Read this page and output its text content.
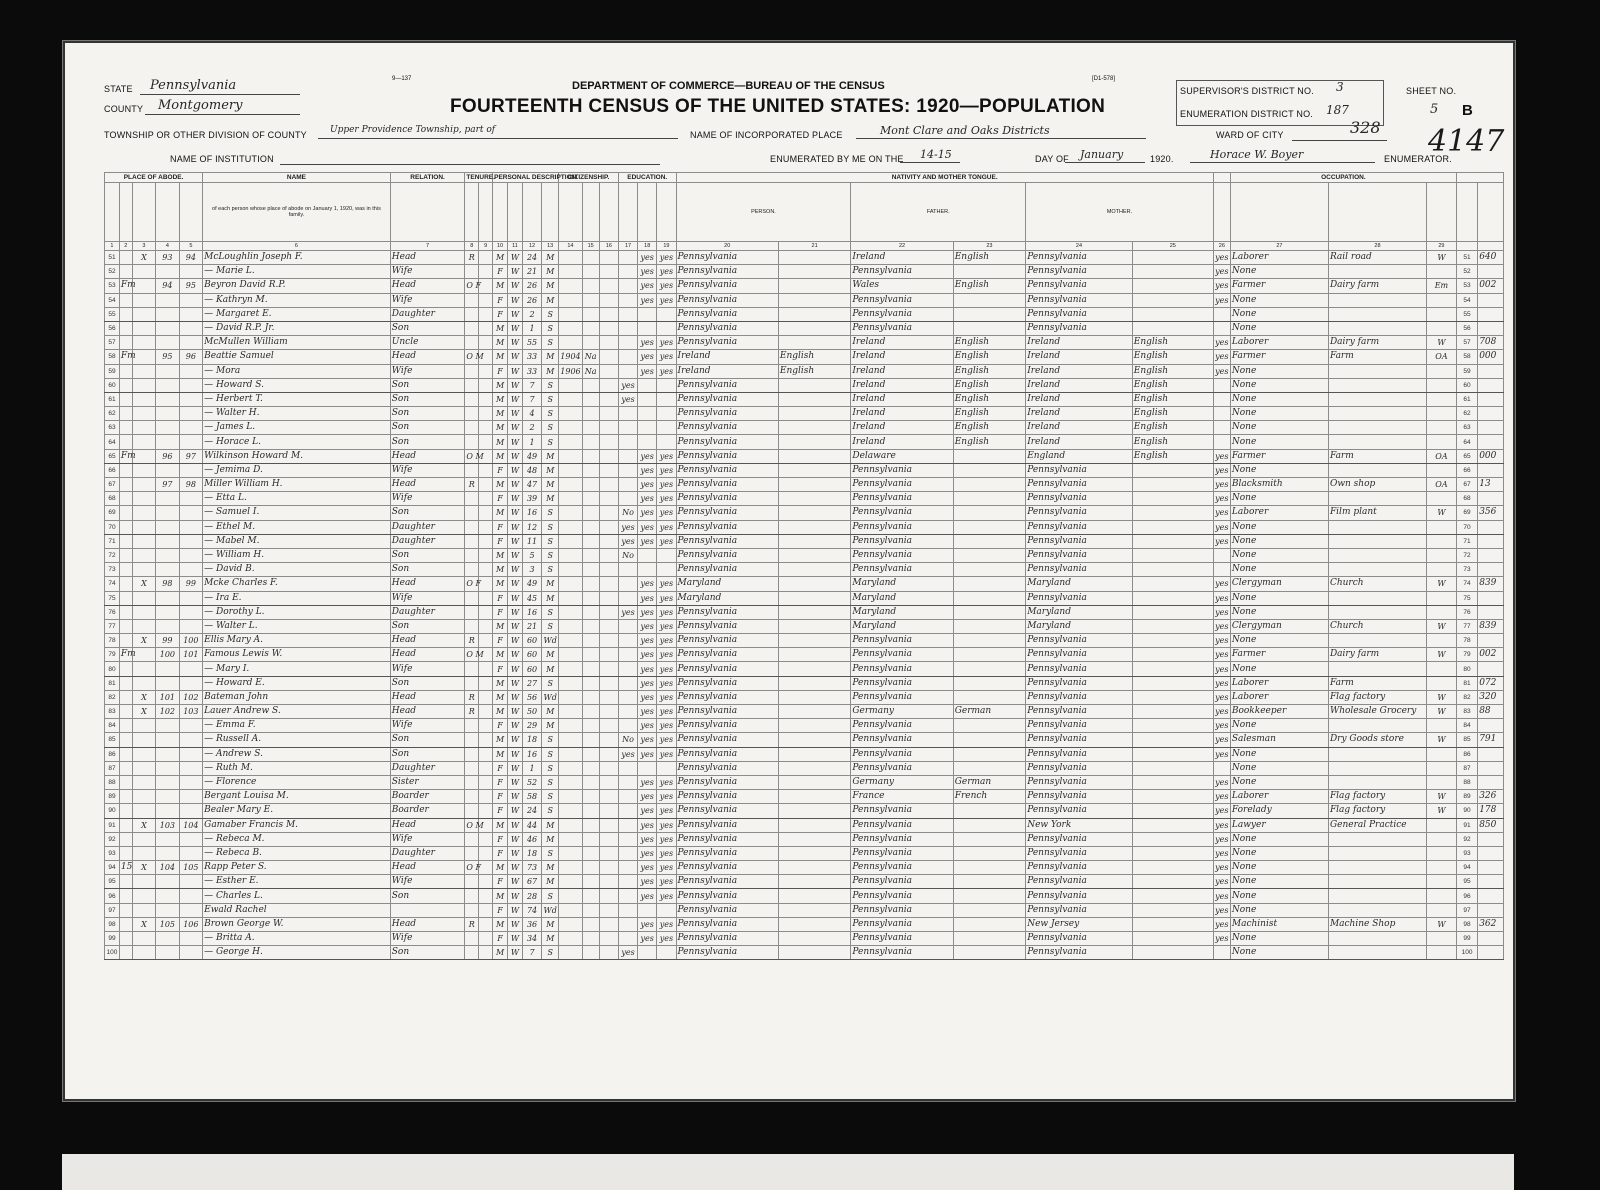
STATE Pennsylvania
COUNTY Montgomery
TOWNSHIP OR OTHER DIVISION OF COUNTY	Upper Providence Township, part of
NAME OF INSTITUTION
9—137
DEPARTMENT OF COMMERCE—BUREAU OF THE CENSUS
[D1-578]
FOURTEENTH CENSUS OF THE UNITED STATES: 1920—POPULATION
NAME OF INCORPORATED PLACE	Mont Clare and Oaks Districts
ENUMERATED BY ME ON THE 14-15	DAY OF January	1920.	Horace W. Boyer	ENUMERATOR.
SUPERVISOR'S DISTRICT NO. 3
ENUMERATION DISTRICT NO. 187
SHEET NO.
5 B
WARD OF CITY	328 4147
PLACE OF ABODE.					NAME	RELATION.	TENURE.		PERSONAL DESCRIPTION.				CITIZENSHIP.			EDUCATION.			NATIVITY AND MOTHER TONGUE.							OCCUPATION.				
					of each person whose place of abode on January 1, 1920, was in this family.														PERSON.		FATHER.		MOTHER.							
1	2	3	4	5	6	7	8	9	10	11	12	13	14	15	16	17	18	19	20	21	22	23	24	25	26	27	28	29		
51		X	93	94	McLoughlin Joseph F.	Head	R		M	W	24	M					yes	yes	Pennsylvania		Ireland	English	Pennsylvania		yes	Laborer	Rail road	W	51	640
52					— Marie L.	Wife			F	W	21	M					yes	yes	Pennsylvania		Pennsylvania		Pennsylvania		yes	None			52	
53	Fm		94	95	Beyron David R.P.	Head	O F		M	W	26	M					yes	yes	Pennsylvania		Wales	English	Pennsylvania		yes	Farmer	Dairy farm	Em	53	002
54					— Kathryn M.	Wife			F	W	26	M					yes	yes	Pennsylvania		Pennsylvania		Pennsylvania		yes	None			54	
55					— Margaret E.	Daughter			F	W	2	S							Pennsylvania		Pennsylvania		Pennsylvania			None			55	
56					— David R.P. Jr.	Son			M	W	1	S							Pennsylvania		Pennsylvania		Pennsylvania			None			56	
57					McMullen William	Uncle			M	W	55	S					yes	yes	Pennsylvania		Ireland	English	Ireland	English	yes	Laborer	Dairy farm	W	57	708
58	Fm		95	96	Beattie Samuel	Head	O M		M	W	33	M	1904	Na			yes	yes	Ireland	English	Ireland	English	Ireland	English	yes	Farmer	Farm	OA	58	000
59					— Mora	Wife			F	W	33	M	1906	Na			yes	yes	Ireland	English	Ireland	English	Ireland	English	yes	None			59	
60					— Howard S.	Son			M	W	7	S				yes			Pennsylvania		Ireland	English	Ireland	English		None			60	
61					— Herbert T.	Son			M	W	7	S				yes			Pennsylvania		Ireland	English	Ireland	English		None			61	
62					— Walter H.	Son			M	W	4	S							Pennsylvania		Ireland	English	Ireland	English		None			62	
63					— James L.	Son			M	W	2	S							Pennsylvania		Ireland	English	Ireland	English		None			63	
64					— Horace L.	Son			M	W	1	S							Pennsylvania		Ireland	English	Ireland	English		None			64	
65	Fm		96	97	Wilkinson Howard M.	Head	O M		M	W	49	M					yes	yes	Pennsylvania		Delaware		England	English	yes	Farmer	Farm	OA	65	000
66					— Jemima D.	Wife			F	W	48	M					yes	yes	Pennsylvania		Pennsylvania		Pennsylvania		yes	None			66	
67			97	98	Miller William H.	Head	R		M	W	47	M					yes	yes	Pennsylvania		Pennsylvania		Pennsylvania		yes	Blacksmith	Own shop	OA	67	13
68					— Etta L.	Wife			F	W	39	M					yes	yes	Pennsylvania		Pennsylvania		Pennsylvania		yes	None			68	
69					— Samuel I.	Son			M	W	16	S				No	yes	yes	Pennsylvania		Pennsylvania		Pennsylvania		yes	Laborer	Film plant	W	69	356
70					— Ethel M.	Daughter			F	W	12	S				yes	yes	yes	Pennsylvania		Pennsylvania		Pennsylvania		yes	None			70	
71					— Mabel M.	Daughter			F	W	11	S				yes	yes	yes	Pennsylvania		Pennsylvania		Pennsylvania		yes	None			71	
72					— William H.	Son			M	W	5	S				No			Pennsylvania		Pennsylvania		Pennsylvania			None			72	
73					— David B.	Son			M	W	3	S							Pennsylvania		Pennsylvania		Pennsylvania			None			73	
74		X	98	99	Mcke Charles F.	Head	O F		M	W	49	M					yes	yes	Maryland		Maryland		Maryland		yes	Clergyman	Church	W	74	839
75					— Ira E.	Wife			F	W	45	M					yes	yes	Maryland		Maryland		Pennsylvania		yes	None			75	
76					— Dorothy L.	Daughter			F	W	16	S				yes	yes	yes	Pennsylvania		Maryland		Maryland		yes	None			76	
77					— Walter L.	Son			M	W	21	S					yes	yes	Pennsylvania		Maryland		Maryland		yes	Clergyman	Church	W	77	839
78		X	99	100	Ellis Mary A.	Head	R		F	W	60	Wd					yes	yes	Pennsylvania		Pennsylvania		Pennsylvania		yes	None			78	
79	Fm		100	101	Famous Lewis W.	Head	O M		M	W	60	M					yes	yes	Pennsylvania		Pennsylvania		Pennsylvania		yes	Farmer	Dairy farm	W	79	002
80					— Mary I.	Wife			F	W	60	M					yes	yes	Pennsylvania		Pennsylvania		Pennsylvania		yes	None			80	
81					— Howard E.	Son			M	W	27	S					yes	yes	Pennsylvania		Pennsylvania		Pennsylvania		yes	Laborer	Farm		81	072
82		X	101	102	Bateman John	Head	R		M	W	56	Wd					yes	yes	Pennsylvania		Pennsylvania		Pennsylvania		yes	Laborer	Flag factory	W	82	320
83		X	102	103	Lauer Andrew S.	Head	R		M	W	50	M					yes	yes	Pennsylvania		Germany	German	Pennsylvania		yes	Bookkeeper	Wholesale Grocery	W	83	88
84					— Emma F.	Wife			F	W	29	M					yes	yes	Pennsylvania		Pennsylvania		Pennsylvania		yes	None			84	
85					— Russell A.	Son			M	W	18	S				No	yes	yes	Pennsylvania		Pennsylvania		Pennsylvania		yes	Salesman	Dry Goods store	W	85	791
86					— Andrew S.	Son			M	W	16	S				yes	yes	yes	Pennsylvania		Pennsylvania		Pennsylvania		yes	None			86	
87					— Ruth M.	Daughter			F	W	1	S							Pennsylvania		Pennsylvania		Pennsylvania			None			87	
88					— Florence	Sister			F	W	52	S					yes	yes	Pennsylvania		Germany	German	Pennsylvania		yes	None			88	
89					Bergant Louisa M.	Boarder			F	W	58	S					yes	yes	Pennsylvania		France	French	Pennsylvania		yes	Laborer	Flag factory	W	89	326
90					Bealer Mary E.	Boarder			F	W	24	S					yes	yes	Pennsylvania		Pennsylvania		Pennsylvania		yes	Forelady	Flag factory	W	90	178
91		X	103	104	Gamaber Francis M.	Head	O M		M	W	44	M					yes	yes	Pennsylvania		Pennsylvania		New York		yes	Lawyer	General Practice		91	850
92					— Rebeca M.	Wife			F	W	46	M					yes	yes	Pennsylvania		Pennsylvania		Pennsylvania		yes	None			92	
93					— Rebeca B.	Daughter			F	W	18	S					yes	yes	Pennsylvania		Pennsylvania		Pennsylvania		yes	None			93	
94	15	X	104	105	Rapp Peter S.	Head	O F		M	W	73	M					yes	yes	Pennsylvania		Pennsylvania		Pennsylvania		yes	None			94	
95					— Esther E.	Wife			F	W	67	M					yes	yes	Pennsylvania		Pennsylvania		Pennsylvania		yes	None			95	
96					— Charles L.	Son			M	W	28	S					yes	yes	Pennsylvania		Pennsylvania		Pennsylvania		yes	None			96	
97					Ewald Rachel				F	W	74	Wd							Pennsylvania		Pennsylvania		Pennsylvania		yes	None			97	
98		X	105	106	Brown George W.	Head	R		M	W	36	M					yes	yes	Pennsylvania		Pennsylvania		New Jersey		yes	Machinist	Machine Shop	W	98	362
99					— Britta A.	Wife			F	W	34	M					yes	yes	Pennsylvania		Pennsylvania		Pennsylvania		yes	None			99	
100					— George H.	Son			M	W	7	S				yes			Pennsylvania		Pennsylvania		Pennsylvania			None			100	
